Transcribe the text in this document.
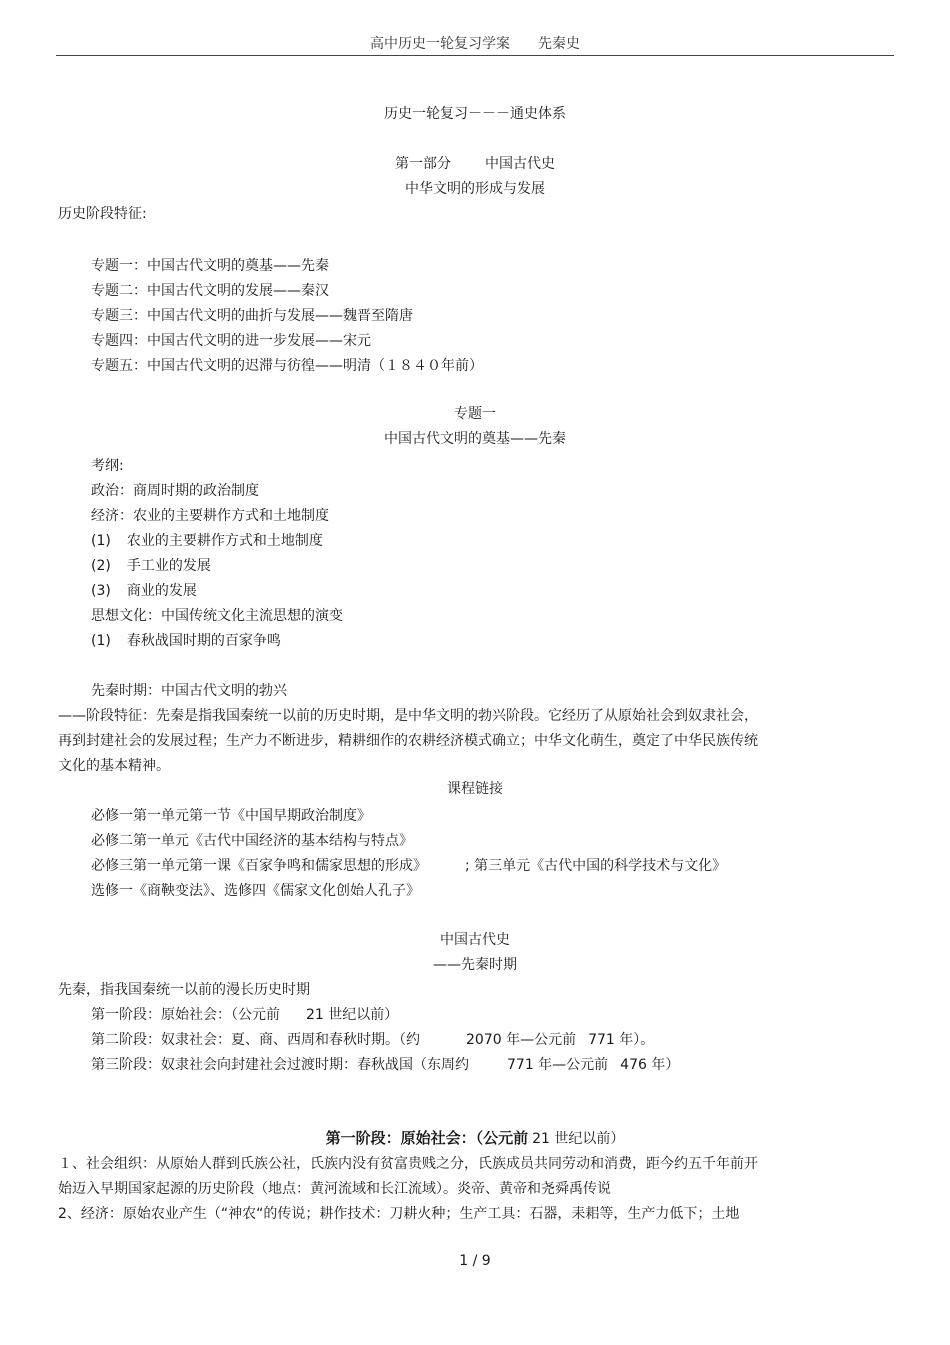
高中历史一轮复习学案 先秦史
历史一轮复习－－－通史体系
第一部分 中国古代史
中华文明的形成与发展
历史阶段特征:
专题一：中国古代文明的奠基——先秦
专题二：中国古代文明的发展——秦汉
专题三：中国古代文明的曲折与发展——魏晋至隋唐
专题四：中国古代文明的进一步发展——宋元
专题五：中国古代文明的迟滞与彷徨——明清（１８４０年前）
专题一
中国古代文明的奠基——先秦
考纲:
政治：商周时期的政治制度
经济：农业的主要耕作方式和土地制度
(1) 农业的主要耕作方式和土地制度
(2) 手工业的发展
(3) 商业的发展
思想文化：中国传统文化主流思想的演变
(1) 春秋战国时期的百家争鸣
先秦时期：中国古代文明的勃兴
——阶段特征：先秦是指我国秦统一以前的历史时期，是中华文明的勃兴阶段。它经历了从原始社会到奴隶社会，
再到封建社会的发展过程；生产力不断进步，精耕细作的农耕经济模式确立；中华文化萌生，奠定了中华民族传统
文化的基本精神。
课程链接
必修一第一单元第一节《中国早期政治制度》
必修二第一单元《古代中国经济的基本结构与特点》
必修三第一单元第一课《百家争鸣和儒家思想的形成》	; 第三单元《古代中国的科学技术与文化》
选修一《商鞅变法》、选修四《儒家文化创始人孔子》
中国古代史
——先秦时期
先秦，指我国秦统一以前的漫长历史时期
第一阶段：原始社会：（公元前 21 世纪以前）
第二阶段：奴隶社会：夏、商、西周和春秋时期。（约	2070 年—公元前 771 年）。
第三阶段：奴隶社会向封建社会过渡时期：春秋战国（东周约	771 年—公元前 476 年）
第一阶段：原始社会：（公元前 21 世纪以前）
１、社会组织：从原始人群到氏族公社，氏族内没有贫富贵贱之分，氏族成员共同劳动和消费，距今约五千年前开
始迈入早期国家起源的历史阶段（地点：黄河流域和长江流域）。炎帝、黄帝和尧舜禹传说
2、经济：原始农业产生（“神农“的传说；耕作技术：刀耕火种；生产工具：石器，耒耜等，生产力低下；土地
1 / 9
